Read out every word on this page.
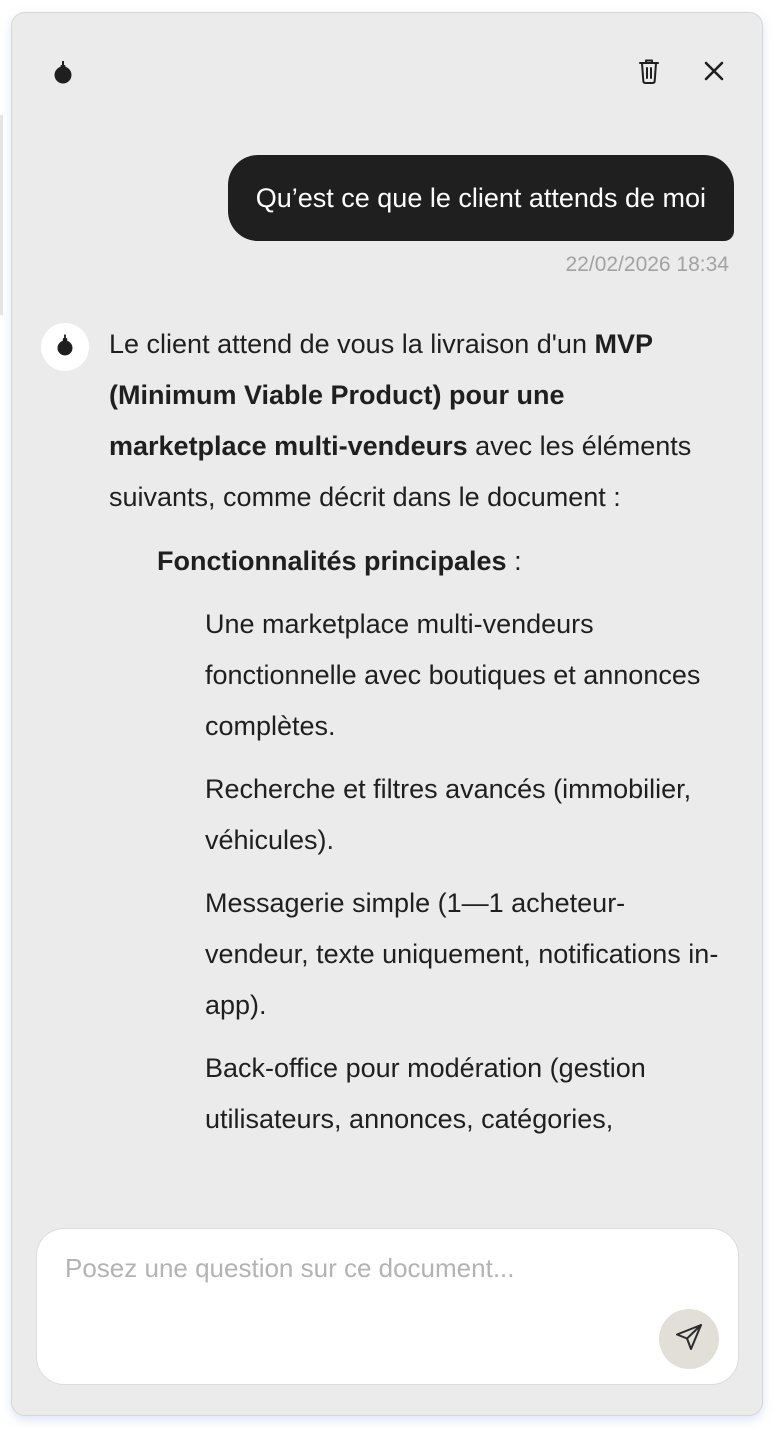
Qu’est ce que le client attends de moi
22/02/2026 18:34

Le client attend de vous la livraison d'un MVP (Minimum Viable Product) pour une marketplace multi-vendeurs avec les éléments suivants, comme décrit dans le document :

Fonctionnalités principales :

Une marketplace multi-vendeurs fonctionnelle avec boutiques et annonces complètes.

Recherche et filtres avancés (immobilier, véhicules).

Messagerie simple (1—1 acheteur-vendeur, texte uniquement, notifications in-app).

Back-office pour modération (gestion utilisateurs, annonces, catégories,

Posez une question sur ce document...
